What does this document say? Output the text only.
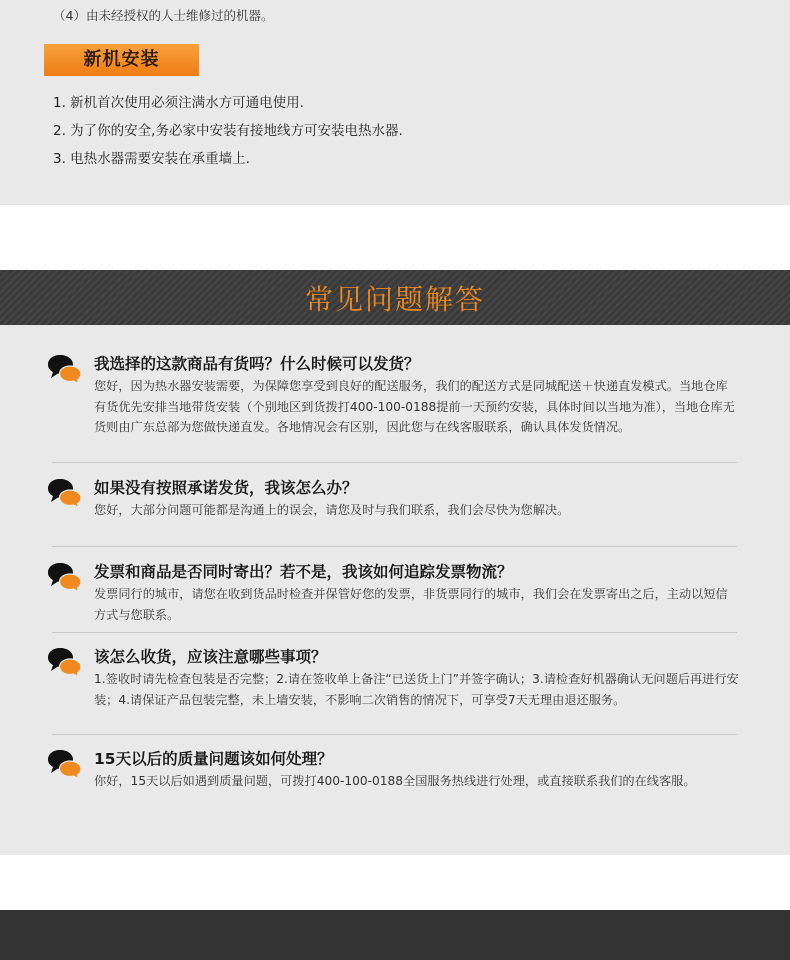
（4）由未经授权的人士维修过的机器。
新机安装
1. 新机首次使用必须注满水方可通电使用.
2. 为了你的安全,务必家中安装有接地线方可安装电热水器.
3. 电热水器需要安装在承重墙上.
常见问题解答
我选择的这款商品有货吗？什么时候可以发货？
您好，因为热水器安装需要，为保障您享受到良好的配送服务，我们的配送方式是同城配送＋快递直发模式。当地仓库有货优先安排当地带货安装（个别地区到货拨打400-100-0188提前一天预约安装，具体时间以当地为准），当地仓库无货则由广东总部为您做快递直发。各地情况会有区别，因此您与在线客服联系，确认具体发货情况。
如果没有按照承诺发货，我该怎么办？
您好，大部分问题可能都是沟通上的误会，请您及时与我们联系，我们会尽快为您解决。
发票和商品是否同时寄出？若不是，我该如何追踪发票物流？
发票同行的城市，请您在收到货品时检查并保管好您的发票，非货票同行的城市，我们会在发票寄出之后，主动以短信方式与您联系。
该怎么收货，应该注意哪些事项？
1.签收时请先检查包装是否完整；2.请在签收单上备注“已送货上门”并签字确认；3.请检查好机器确认无问题后再进行安装；4.请保证产品包装完整，未上墙安装，不影响二次销售的情况下，可享受7天无理由退还服务。
15天以后的质量问题该如何处理？
你好，15天以后如遇到质量问题，可拨打400-100-0188全国服务热线进行处理，或直接联系我们的在线客服。
